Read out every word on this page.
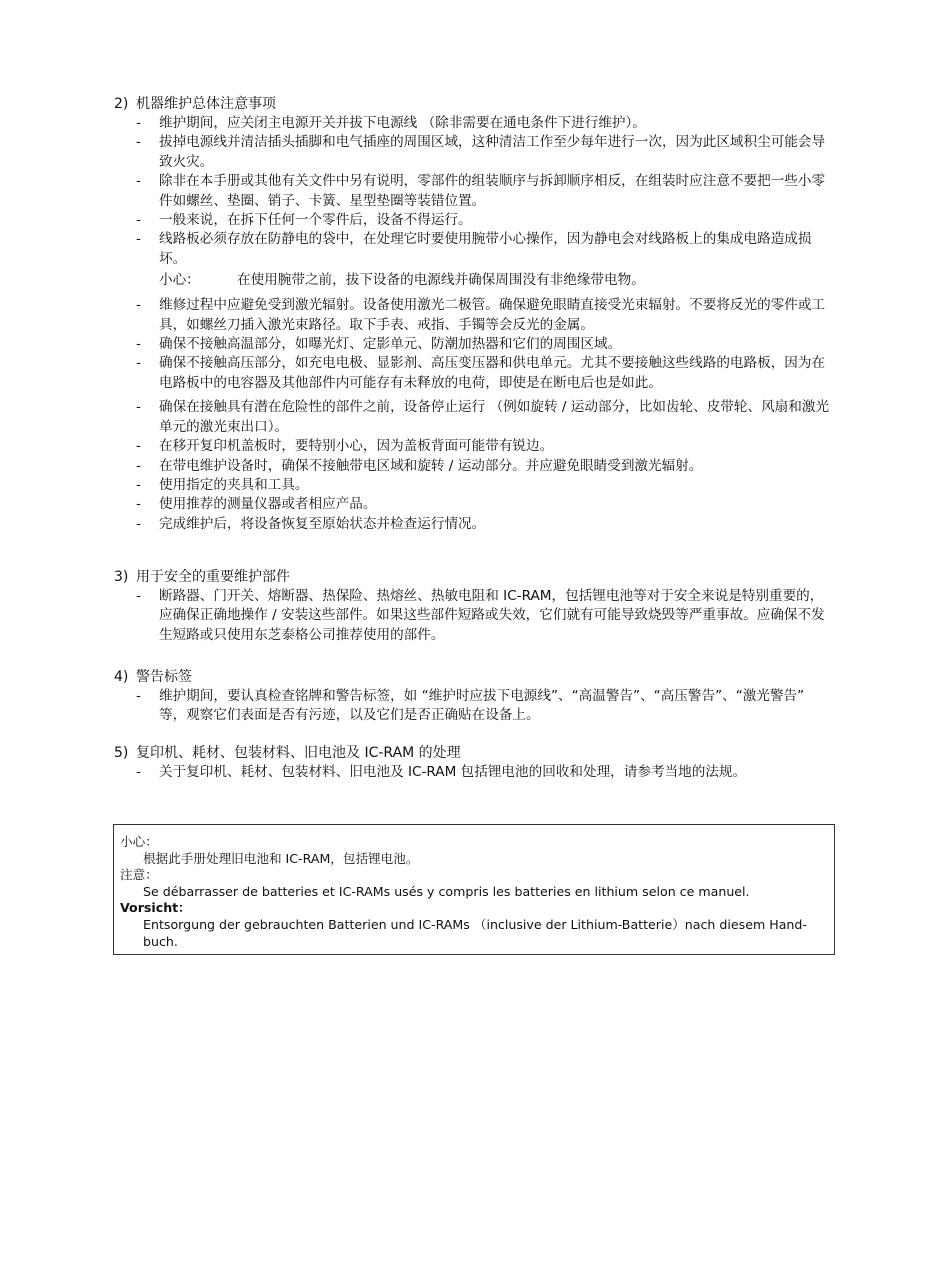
2) 机器维护总体注意事项
- 维护期间，应关闭主电源开关并拔下电源线 （除非需要在通电条件下进行维护）。
- 拔掉电源线并清洁插头插脚和电气插座的周围区域，这种清洁工作至少每年进行一次，因为此区域积尘可能会导致火灾。
- 除非在本手册或其他有关文件中另有说明，零部件的组装顺序与拆卸顺序相反，在组装时应注意不要把一些小零件如螺丝、垫圈、销子、卡簧、星型垫圈等装错位置。
- 一般来说，在拆下任何一个零件后，设备不得运行。
- 线路板必须存放在防静电的袋中，在处理它时要使用腕带小心操作，因为静电会对线路板上的集成电路造成损坏。
小心：	在使用腕带之前，拔下设备的电源线并确保周围没有非绝缘带电物。
- 维修过程中应避免受到激光辐射。设备使用激光二极管。确保避免眼睛直接受光束辐射。不要将反光的零件或工具，如螺丝刀插入激光束路径。取下手表、戒指、手镯等会反光的金属。
- 确保不接触高温部分，如曝光灯、定影单元、防潮加热器和它们的周围区域。
- 确保不接触高压部分，如充电电极、显影剂、高压变压器和供电单元。尤其不要接触这些线路的电路板，因为在电路板中的电容器及其他部件内可能存有未释放的电荷，即使是在断电后也是如此。
- 确保在接触具有潜在危险性的部件之前，设备停止运行 （例如旋转 / 运动部分，比如齿轮、皮带轮、风扇和激光单元的激光束出口）。
- 在移开复印机盖板时，要特别小心，因为盖板背面可能带有锐边。
- 在带电维护设备时，确保不接触带电区域和旋转 / 运动部分。并应避免眼睛受到激光辐射。
- 使用指定的夹具和工具。
- 使用推荐的测量仪器或者相应产品。
- 完成维护后，将设备恢复至原始状态并检查运行情况。
3) 用于安全的重要维护部件
- 断路器、门开关、熔断器、热保险、热熔丝、热敏电阻和 IC-RAM，包括锂电池等对于安全来说是特别重要的，应确保正确地操作 / 安装这些部件。如果这些部件短路或失效，它们就有可能导致烧毁等严重事故。应确保不发生短路或只使用东芝泰格公司推荐使用的部件。
4) 警告标签
- 维护期间，要认真检查铭牌和警告标签，如 “维护时应拔下电源线”、“高温警告”、“高压警告”、“激光警告” 等，观察它们表面是否有污迹，以及它们是否正确贴在设备上。
5) 复印机、耗材、包装材料、旧电池及 IC-RAM 的处理
- 关于复印机、耗材、包装材料、旧电池及 IC-RAM 包括锂电池的回收和处理，请参考当地的法规。
小心：
根据此手册处理旧电池和 IC-RAM，包括锂电池。
注意：
Se débarrasser de batteries et IC-RAMs usés y compris les batteries en lithium selon ce manuel.
Vorsicht：
Entsorgung der gebrauchten Batterien und IC-RAMs （inclusive der Lithium-Batterie）nach diesem Hand-buch.
